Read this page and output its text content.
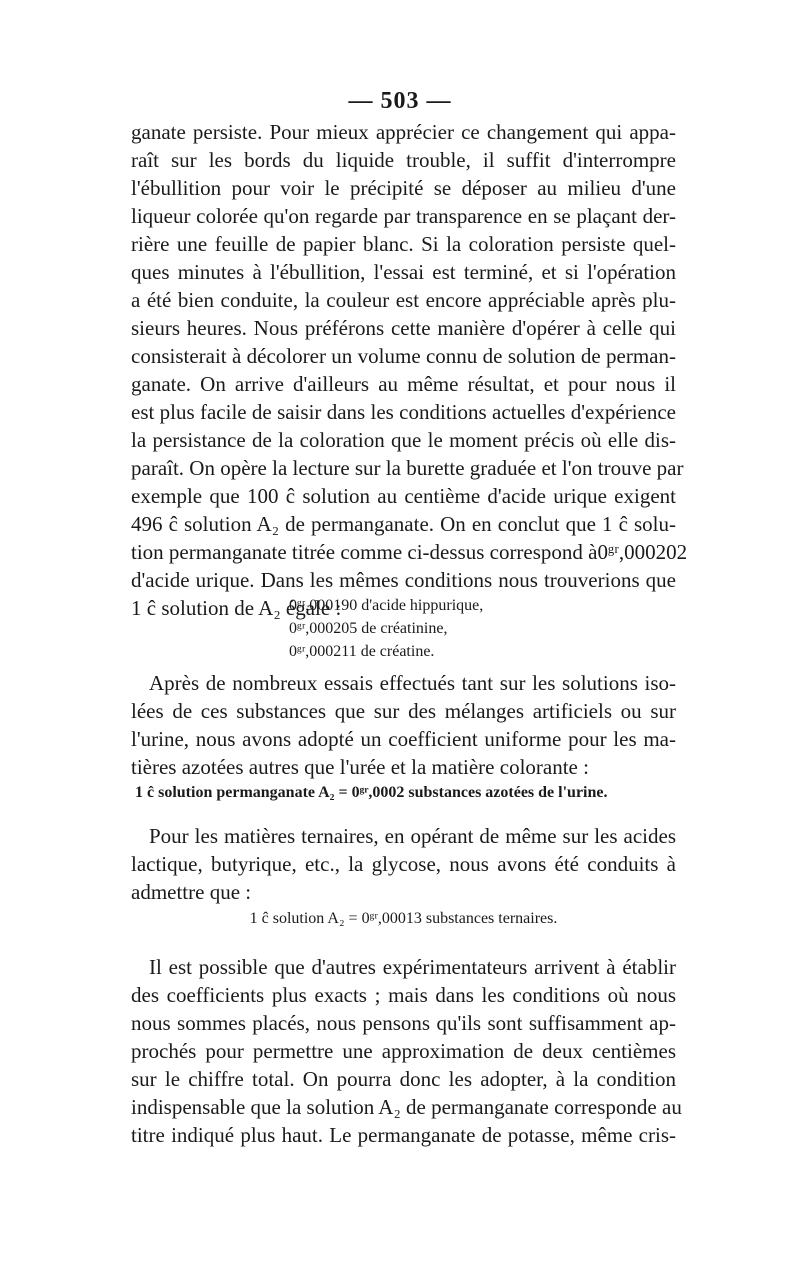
— 503 —
ganate persiste. Pour mieux apprécier ce changement qui appa-
raît sur les bords du liquide trouble, il suffit d'interrompre
l'ébullition pour voir le précipité se déposer au milieu d'une
liqueur colorée qu'on regarde par transparence en se plaçant der-
rière une feuille de papier blanc. Si la coloration persiste quel-
ques minutes à l'ébullition, l'essai est terminé, et si l'opération
a été bien conduite, la couleur est encore appréciable après plu-
sieurs heures. Nous préférons cette manière d'opérer à celle qui
consisterait à décolorer un volume connu de solution de perman-
ganate. On arrive d'ailleurs au même résultat, et pour nous il
est plus facile de saisir dans les conditions actuelles d'expérience
la persistance de la coloration que le moment précis où elle dis-
paraît. On opère la lecture sur la burette graduée et l'on trouve par
exemple que 100 ĉ solution au centième d'acide urique exigent
496 ĉ solution A₂ de permanganate. On en conclut que 1 ĉ solu-
tion permanganate titrée comme ci-dessus correspond à0ᵍʳ,000202
d'acide urique. Dans les mêmes conditions nous trouverions que
1 ĉ solution de A₂ égale :
0ᵍʳ,000190 d'acide hippurique,
0ᵍʳ,000205 de créatinine,
0ᵍʳ,000211 de créatine.
Après de nombreux essais effectués tant sur les solutions iso-
lées de ces substances que sur des mélanges artificiels ou sur
l'urine, nous avons adopté un coefficient uniforme pour les ma-
tières azotées autres que l'urée et la matière colorante :
1 ĉ solution permanganate A₂ = 0ᵍʳ,0002 substances azotées de l'urine.
Pour les matières ternaires, en opérant de même sur les acides
lactique, butyrique, etc., la glycose, nous avons été conduits à
admettre que :
1 ĉ solution A₂ = 0ᵍʳ,00013 substances ternaires.
Il est possible que d'autres expérimentateurs arrivent à établir
des coefficients plus exacts ; mais dans les conditions où nous
nous sommes placés, nous pensons qu'ils sont suffisamment ap-
prochés pour permettre une approximation de deux centièmes
sur le chiffre total. On pourra donc les adopter, à la condition
indispensable que la solution A₂ de permanganate corresponde au
titre indiqué plus haut. Le permanganate de potasse, même cris-
